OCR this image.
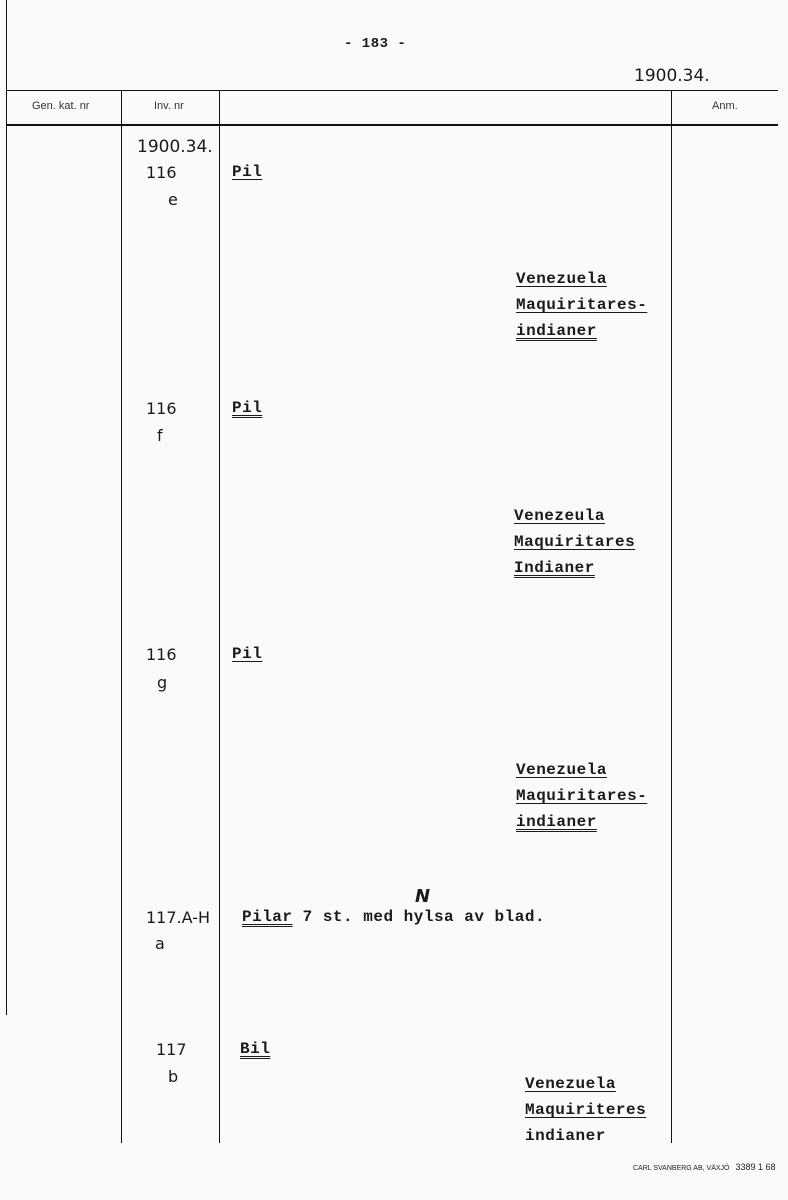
- 183 -
1900.34.
Gen. kat. nr	Inv. nr	Anm.
1900.34.
116
e
Pil
Venezuela
Maquiritares-
indianer
116
f
Pil
Venezeula
Maquiritares
Indianer
116
g
Pil
Venezuela
Maquiritares-
indianer
117.A-H
a
Pilar 7 st. med hylsa av blad.
N
117
b
Bil
Venezuela
Maquiriteres
indianer
CARL SVANBERG AB, VÄXJÖ 3389 1 68
